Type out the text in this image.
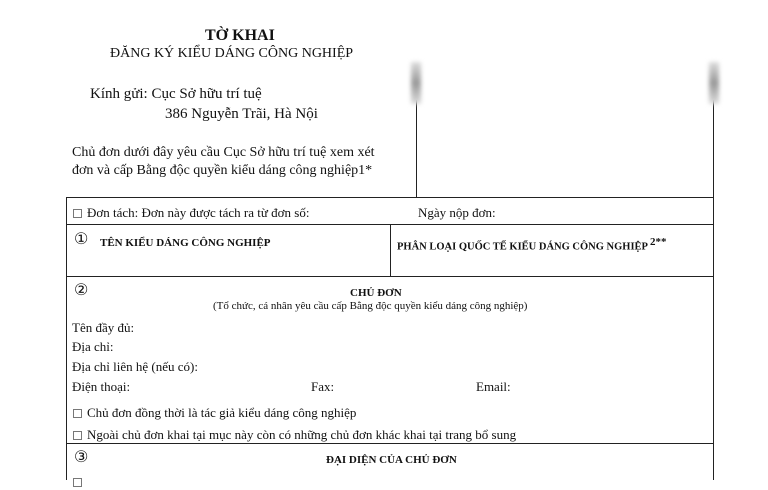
TỜ KHAI
ĐĂNG KÝ KIỂU DÁNG CÔNG NGHIỆP
Kính gửi: Cục Sở hữu trí tuệ
386 Nguyễn Trãi, Hà Nội
Chủ đơn dưới đây yêu cầu Cục Sở hữu trí tuệ xem xét
đơn và cấp Bằng độc quyền kiểu dáng công nghiệp1*
Đơn tách: Đơn này được tách ra từ đơn số:	Ngày nộp đơn:
① TÊN KIỂU DÁNG CÔNG NGHIỆP	PHÂN LOẠI QUỐC TẾ KIỂU DÁNG CÔNG NGHIỆP $^{2**}$
②	CHỦ ĐƠN
(Tổ chức, cá nhân yêu cầu cấp Bằng độc quyền kiểu dáng công nghiệp)
Tên đầy đủ:
Địa chỉ:
Địa chỉ liên hệ (nếu có):
Điện thoại:	Fax:	Email:
Chủ đơn đồng thời là tác giả kiểu dáng công nghiệp
Ngoài chủ đơn khai tại mục này còn có những chủ đơn khác khai tại trang bổ sung
③	ĐẠI DIỆN CỦA CHỦ ĐƠN
